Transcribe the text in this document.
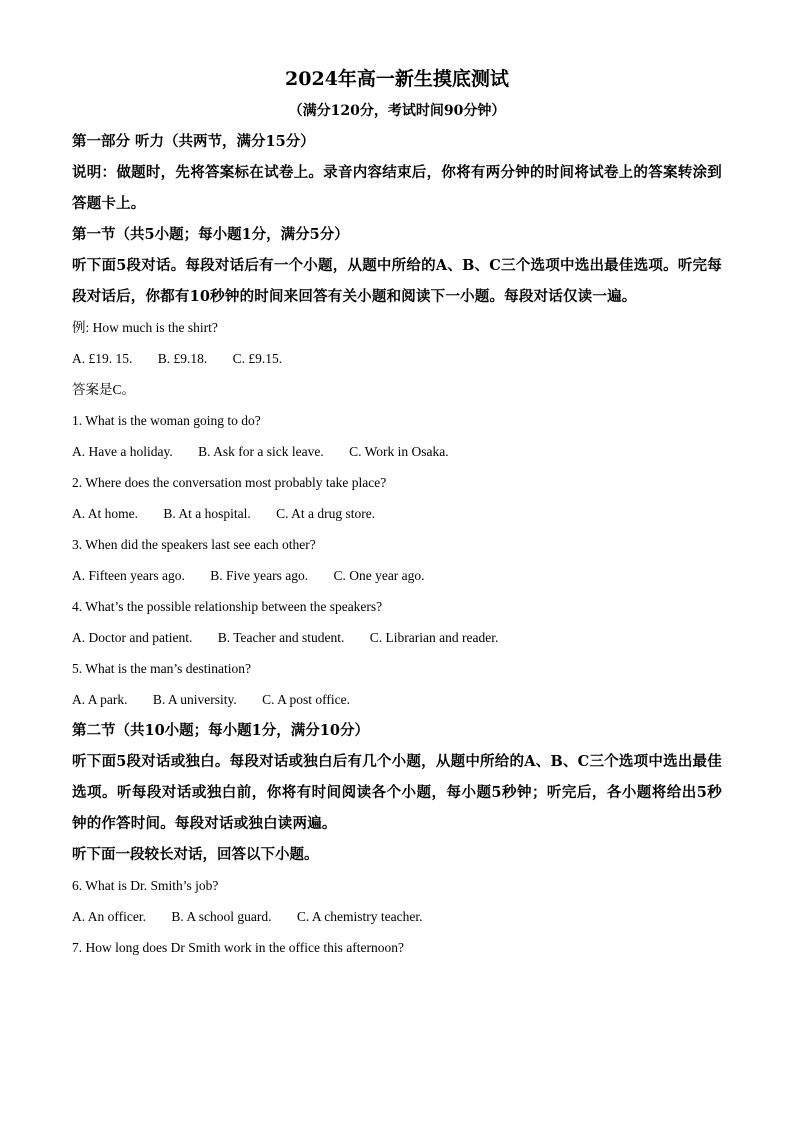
2024年高一新生摸底测试
（满分120分，考试时间90分钟）
第一部分 听力（共两节，满分15分）
说明：做题时，先将答案标在试卷上。录音内容结束后，你将有两分钟的时间将试卷上的答案转涂到答题卡上。
第一节（共5小题；每小题1分，满分5分）
听下面5段对话。每段对话后有一个小题，从题中所给的A、B、C三个选项中选出最佳选项。听完每段对话后，你都有10秒钟的时间来回答有关小题和阅读下一小题。每段对话仅读一遍。
例: How much is the shirt?
A. £19. 15. B. £9.18. C. £9.15.
答案是C。
1. What is the woman going to do?
A. Have a holiday. B. Ask for a sick leave. C. Work in Osaka.
2. Where does the conversation most probably take place?
A. At home. B. At a hospital. C. At a drug store.
3. When did the speakers last see each other?
A. Fifteen years ago. B. Five years ago. C. One year ago.
4. What’s the possible relationship between the speakers?
A. Doctor and patient. B. Teacher and student. C. Librarian and reader.
5. What is the man’s destination?
A. A park. B. A university. C. A post office.
第二节（共10小题；每小题1分，满分10分）
听下面5段对话或独白。每段对话或独白后有几个小题，从题中所给的A、B、C三个选项中选出最佳选项。听每段对话或独白前，你将有时间阅读各个小题，每小题5秒钟；听完后，各小题将给出5秒钟的作答时间。每段对话或独白读两遍。
听下面一段较长对话，回答以下小题。
6. What is Dr. Smith’s job?
A. An officer. B. A school guard. C. A chemistry teacher.
7. How long does Dr Smith work in the office this afternoon?
